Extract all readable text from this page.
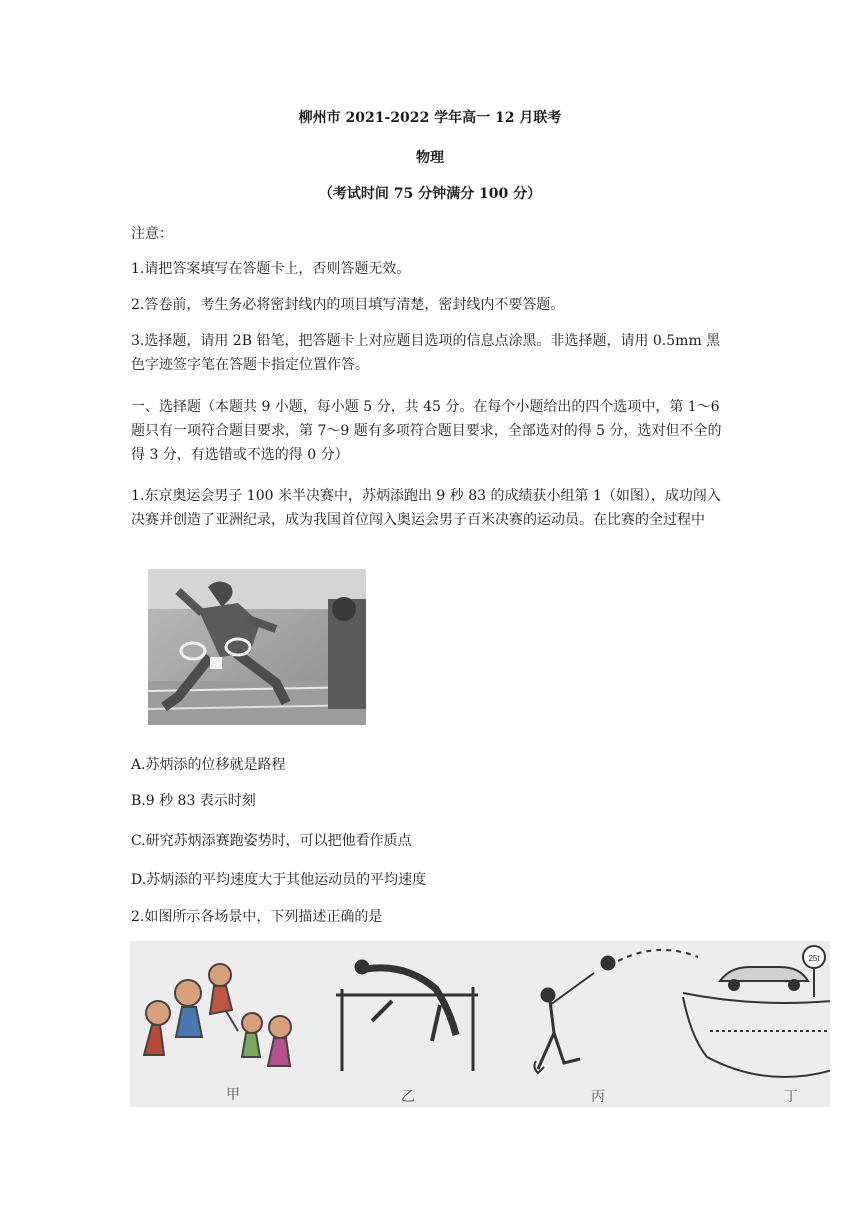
柳州市 2021-2022 学年高一 12 月联考
物理
（考试时间 75 分钟满分 100 分）
注意：
1.请把答案填写在答题卡上，否则答题无效。
2.答卷前，考生务必将密封线内的项目填写清楚，密封线内不要答题。
3.选择题，请用 2B 铅笔，把答题卡上对应题目选项的信息点涂黑。非选择题，请用 0.5mm 黑色字迹签字笔在答题卡指定位置作答。
一、选择题（本题共 9 小题，每小题 5 分，共 45 分。在每个小题给出的四个选项中，第 1～6 题只有一项符合题目要求，第 7～9 题有多项符合题目要求，全部选对的得 5 分，选对但不全的得 3 分，有选错或不选的得 0 分）
1.东京奥运会男子 100 米半决赛中，苏炳添跑出 9 秒 83 的成绩获小组第 1（如图），成功闯入决赛并创造了亚洲纪录，成为我国首位闯入奥运会男子百米决赛的运动员。在比赛的全过程中
A.苏炳添的位移就是路程
B.9 秒 83 表示时刻
C.研究苏炳添赛跑姿势时，可以把他看作质点
D.苏炳添的平均速度大于其他运动员的平均速度
2.如图所示各场景中，下列描述正确的是
甲	乙	丙
25t
丁
